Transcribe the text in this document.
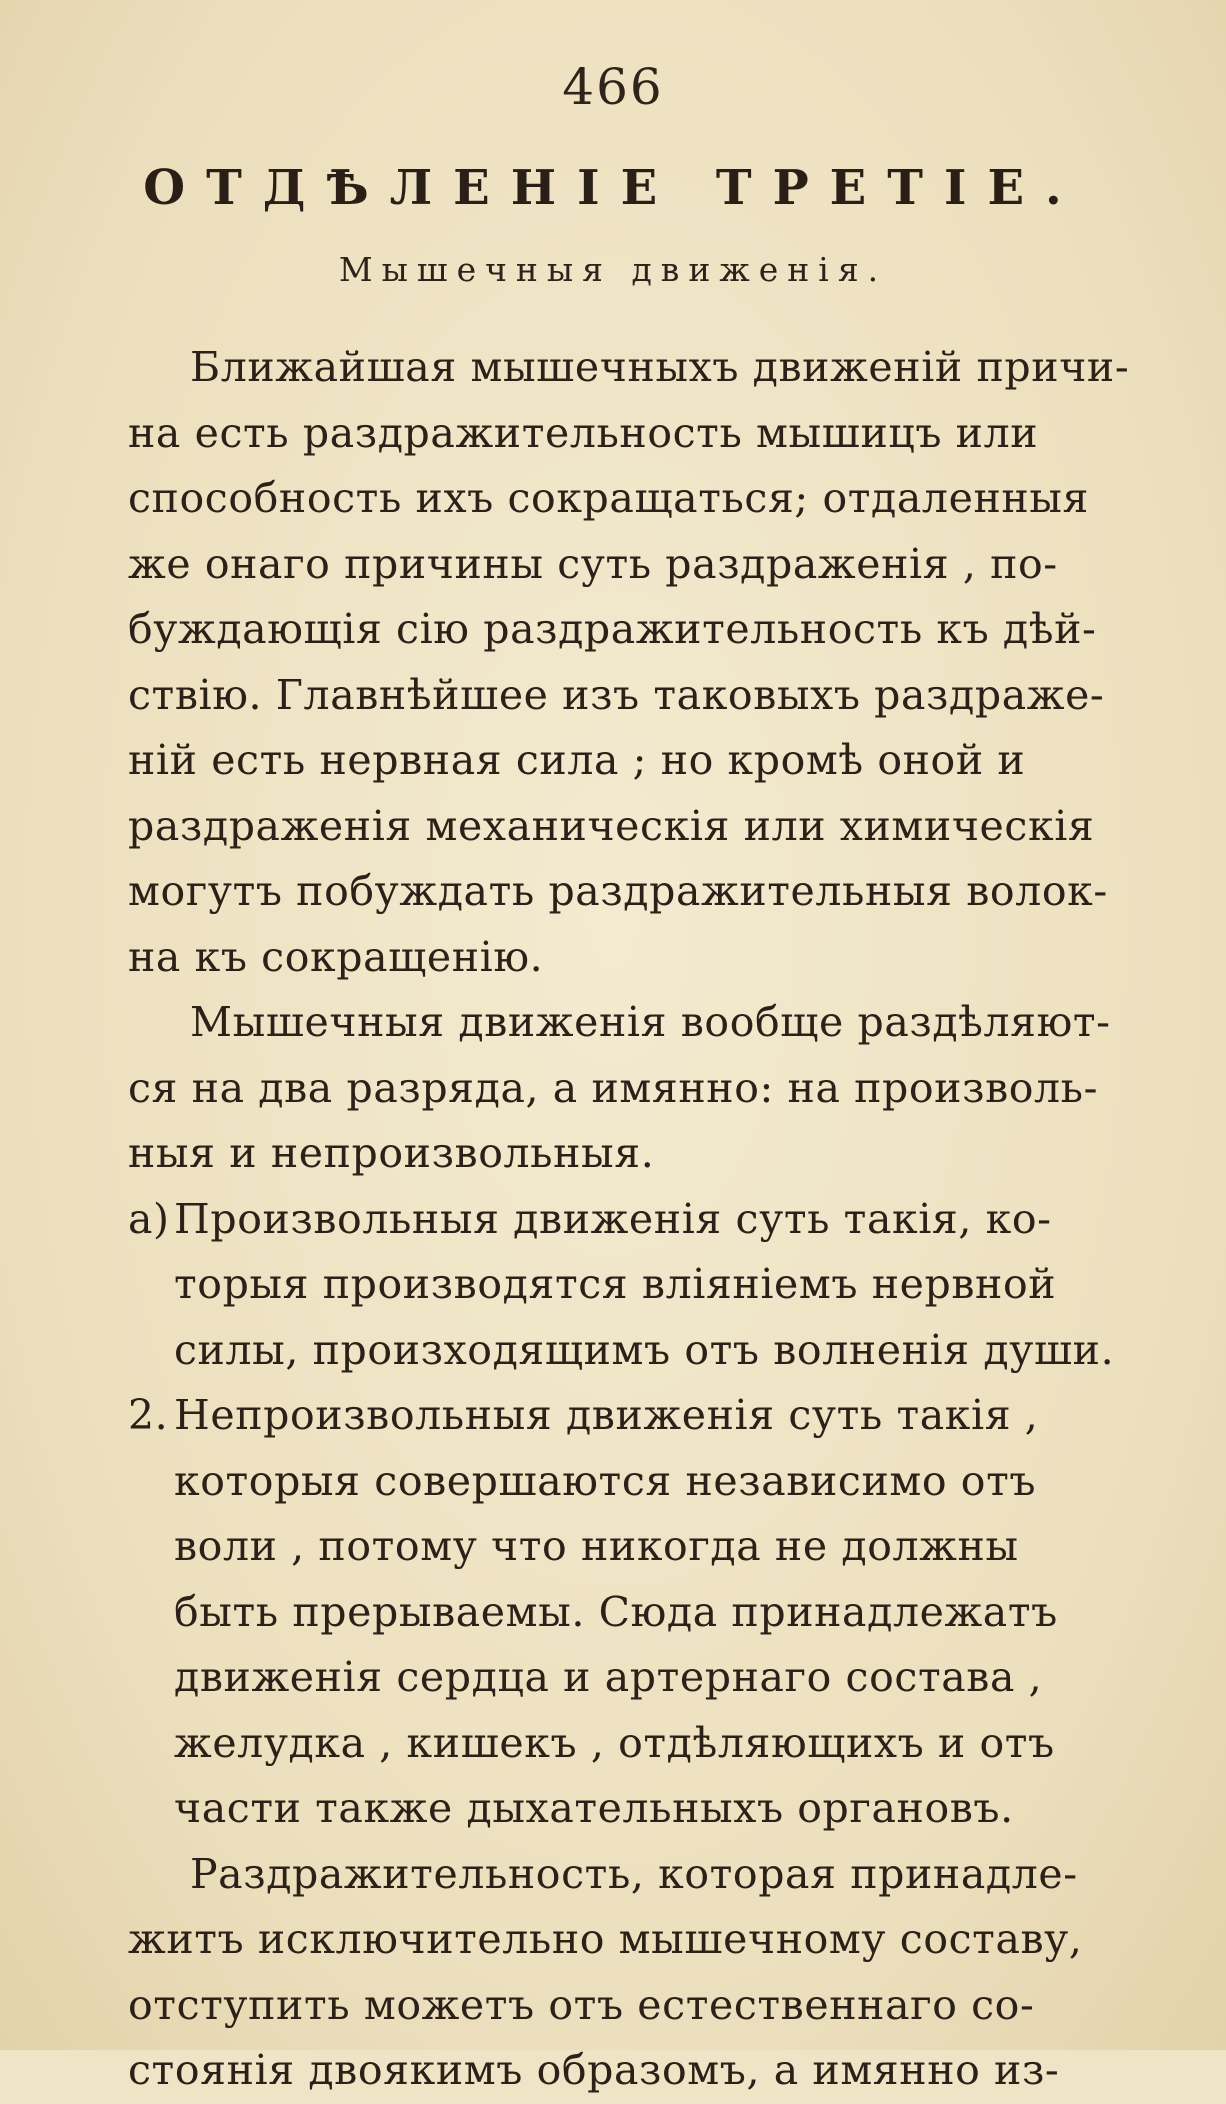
466
ОТДѢЛЕНІЕ ТРЕТІЕ.
Мышечныя движенія.
Ближайшая мышечныхъ движеній причи-
на есть раздражительность мышицъ или
способность ихъ сокращаться; отдаленныя
же онаго причины суть раздраженія , по-
буждающія сію раздражительность къ дѣй-
ствію. Главнѣйшее изъ таковыхъ раздраже-
ній есть нервная сила ; но кромѣ оной и
раздраженія механическія или химическія
могутъ побуждать раздражительныя волок-
на къ сокращенію.
Мышечныя движенія вообще раздѣляют-
ся на два разряда, а имянно: на произволь-
ныя и непроизвольныя.
а) Произвольныя движенія суть такія, ко-
торыя производятся вліяніемъ нервной
силы, произходящимъ отъ волненія души.
2. Непроизвольныя движенія суть такія ,
которыя совершаются независимо отъ
воли , потому что никогда не должны
быть прерываемы. Сюда принадлежатъ
движенія сердца и артернаго состава ,
желудка , кишекъ , отдѣляющихъ и отъ
части также дыхательныхъ органовъ.
Раздражительность, которая принадле-
житъ исключительно мышечному составу,
отступить можетъ отъ естественнаго со-
стоянія двоякимъ образомъ, а имянно из-
